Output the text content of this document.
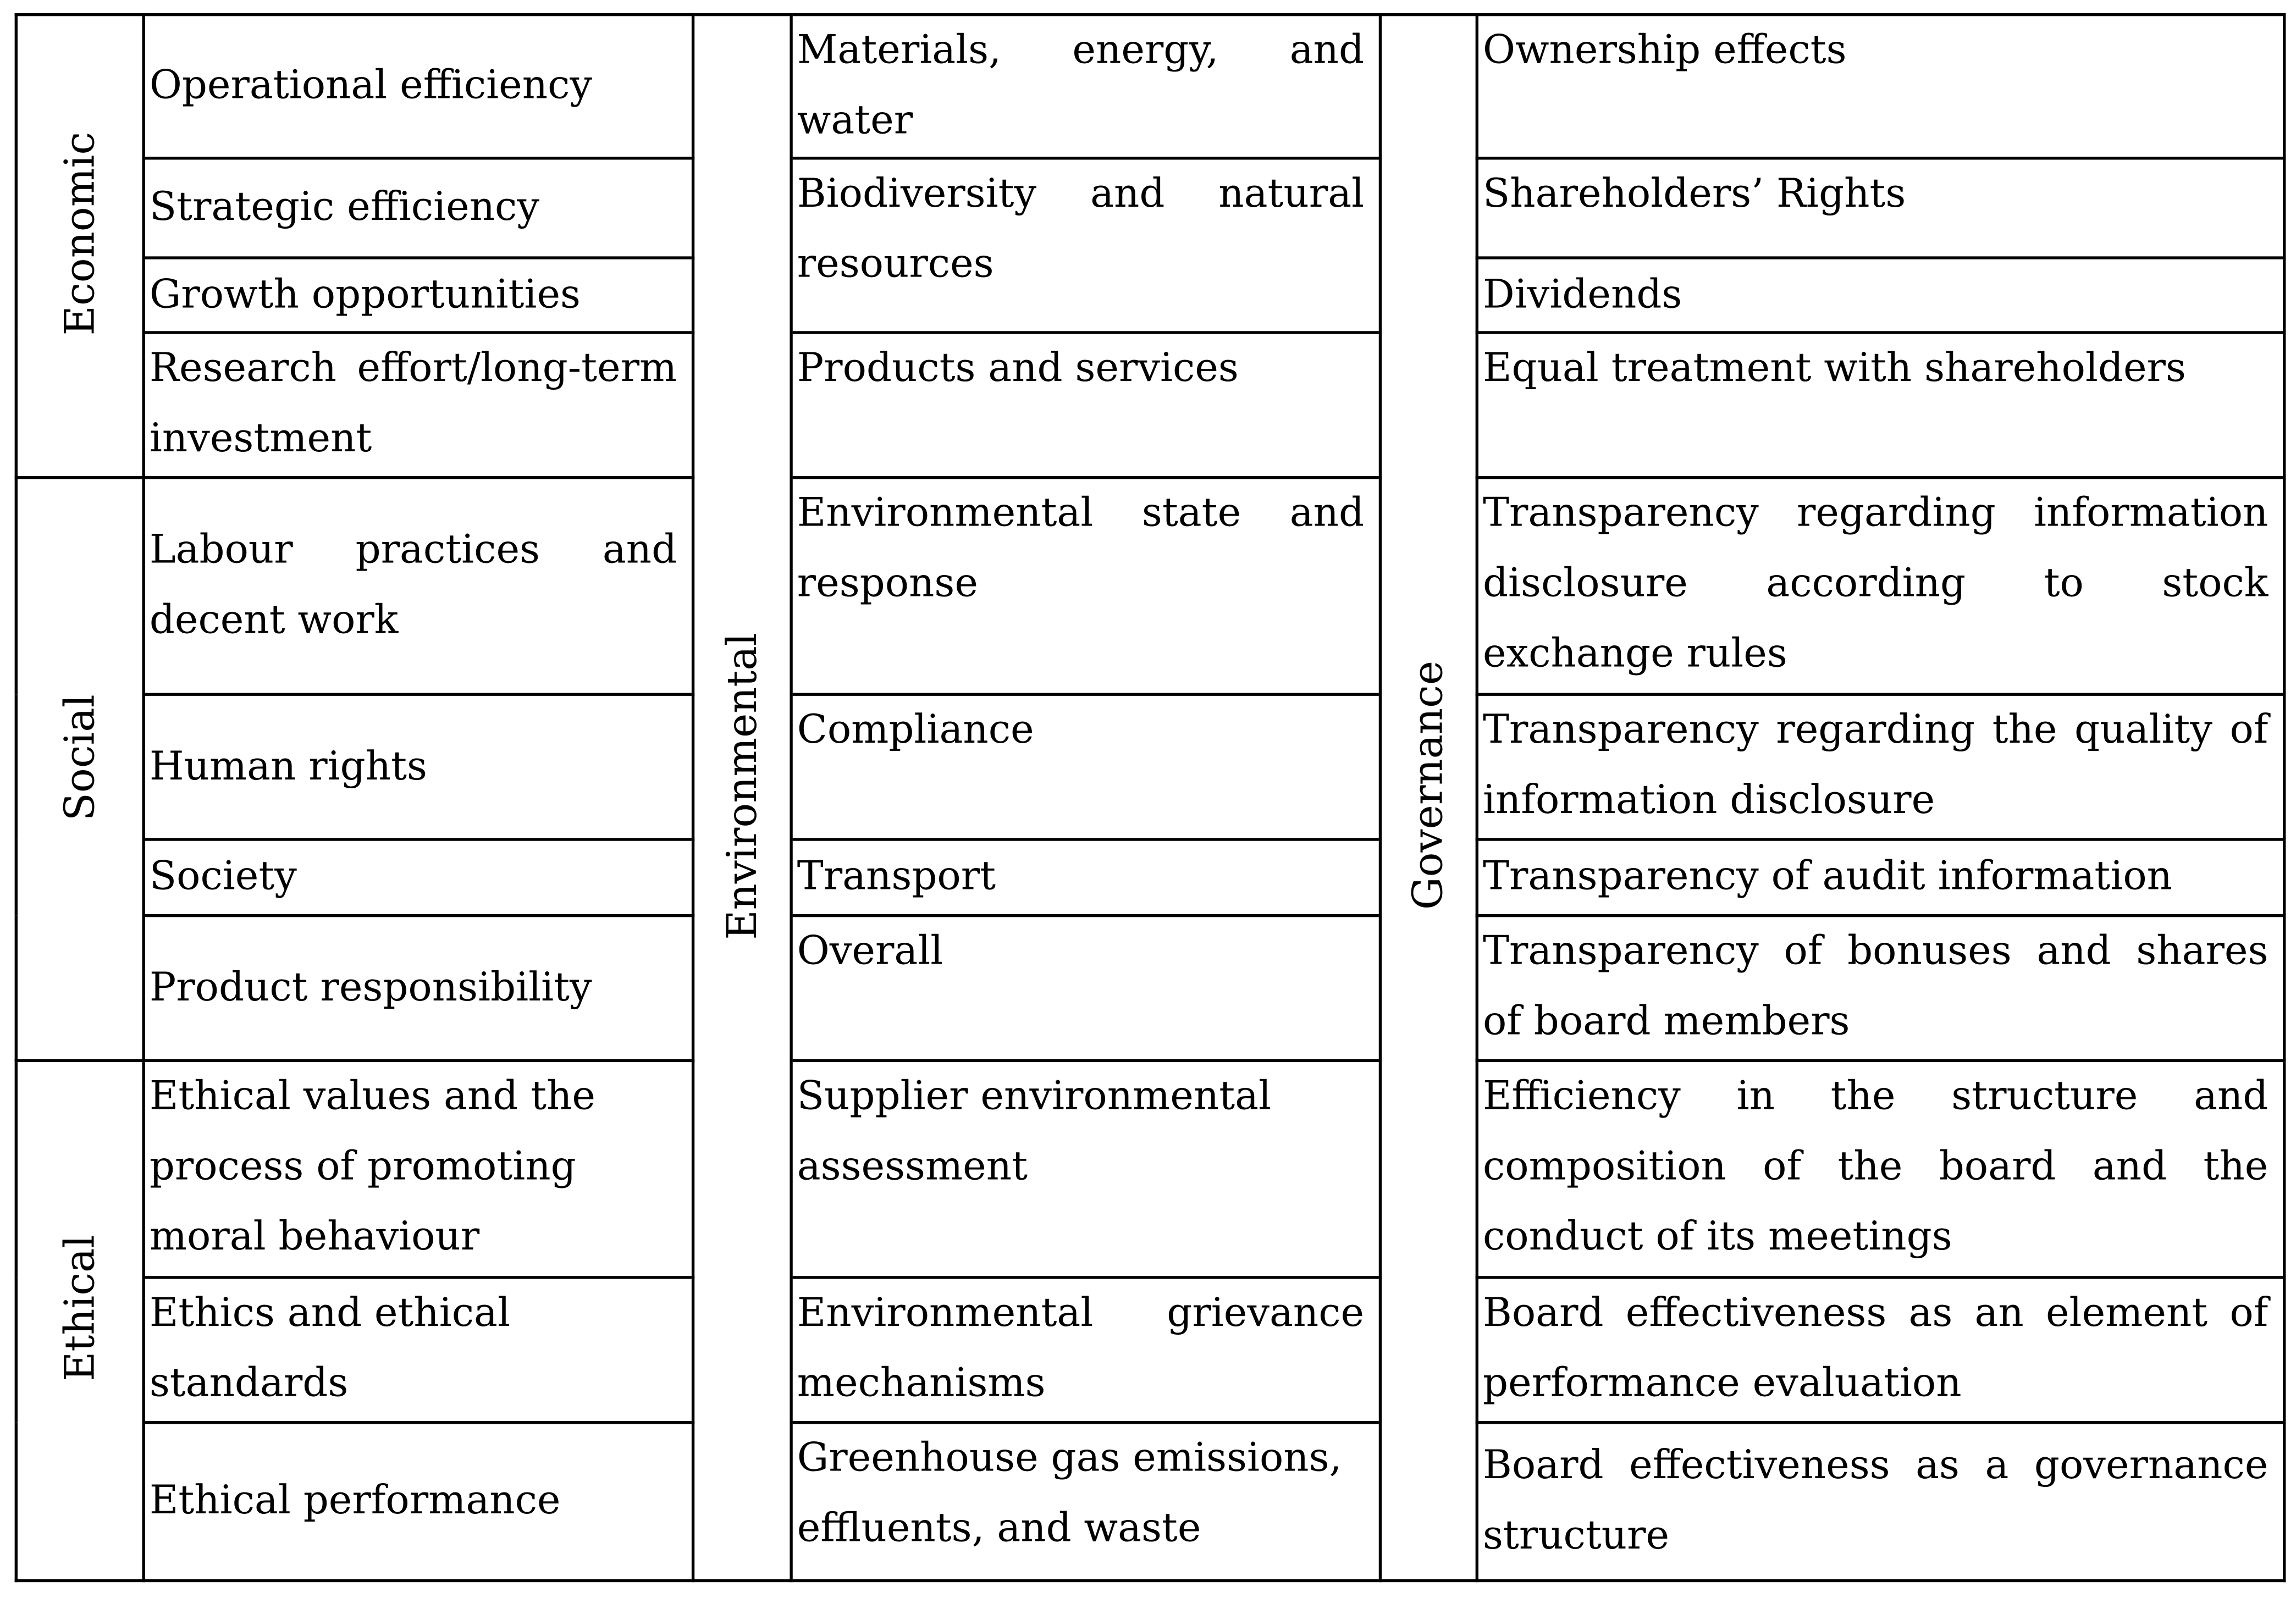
Economic	Operational efficiency	Environmental	Materials, energy, and water	Governance	Ownership effects
	Strategic efficiency		Biodiversity and natural resources		Shareholders’ Rights
	Growth opportunities				Dividends
	Research effort/long-term investment		Products and services		Equal treatment with shareholders
Social	Labour practices and decent work		Environmental state and response		Transparency regarding information disclosure according to stock exchange rules
	Human rights		Compliance		Transparency regarding the quality of information disclosure
	Society		Transport		Transparency of audit information
	Product responsibility		Overall		Transparency of bonuses and shares of board members
Ethical	Ethical values and the process of promoting moral behaviour		Supplier environmental assessment		Efficiency in the structure and composition of the board and the conduct of its meetings
	Ethics and ethical standards		Environmental grievance mechanisms		Board effectiveness as an element of performance evaluation
	Ethical performance		Greenhouse gas emissions, effluents, and waste		Board effectiveness as a governance structure
